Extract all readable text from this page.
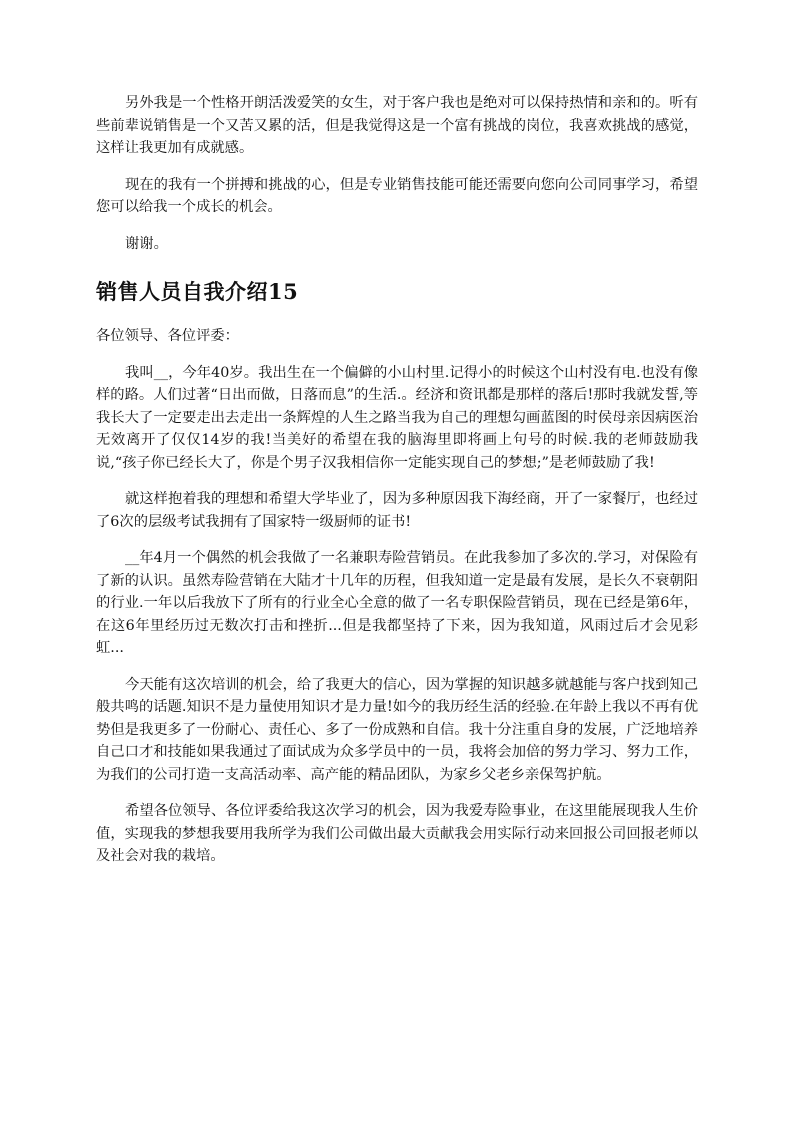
另外我是一个性格开朗活泼爱笑的女生，对于客户我也是绝对可以保持热情和亲和的。听有些前辈说销售是一个又苦又累的活，但是我觉得这是一个富有挑战的岗位，我喜欢挑战的感觉，这样让我更加有成就感。

现在的我有一个拼搏和挑战的心，但是专业销售技能可能还需要向您向公司同事学习，希望您可以给我一个成长的机会。

谢谢。

销售人员自我介绍15

各位领导、各位评委：

我叫__，今年40岁。我出生在一个偏僻的小山村里.记得小的时候这个山村没有电.也没有像样的路。人们过著“日出而做，日落而息”的生活.。经济和资讯都是那样的落后!那时我就发誓,等我长大了一定要走出去走出一条辉煌的人生之路当我为自己的理想勾画蓝图的时侯母亲因病医治无效离开了仅仅14岁的我!当美好的希望在我的脑海里即将画上句号的时候.我的老师鼓励我说,“孩子你已经长大了，你是个男子汉我相信你一定能实现自己的梦想;”是老师鼓励了我!

就这样抱着我的理想和希望大学毕业了，因为多种原因我下海经商，开了一家餐厅，也经过了6次的层级考试我拥有了国家特一级厨师的证书!

__年4月一个偶然的机会我做了一名兼职寿险营销员。在此我参加了多次的.学习，对保险有了新的认识。虽然寿险营销在大陆才十几年的历程，但我知道一定是最有发展，是长久不衰朝阳的行业.一年以后我放下了所有的行业全心全意的做了一名专职保险营销员，现在已经是第6年，在这6年里经历过无数次打击和挫折...但是我都坚持了下来，因为我知道，风雨过后才会见彩虹...

今天能有这次培训的机会，给了我更大的信心，因为掌握的知识越多就越能与客户找到知己般共鸣的话题.知识不是力量使用知识才是力量!如今的我历经生活的经验.在年龄上我以不再有优势但是我更多了一份耐心、责任心、多了一份成熟和自信。我十分注重自身的发展，广泛地培养自己口才和技能如果我通过了面试成为众多学员中的一员，我将会加倍的努力学习、努力工作，为我们的公司打造一支高活动率、高产能的精品团队，为家乡父老乡亲保驾护航。

希望各位领导、各位评委给我这次学习的机会，因为我爱寿险事业，在这里能展现我人生价值，实现我的梦想我要用我所学为我们公司做出最大贡献我会用实际行动来回报公司回报老师以及社会对我的栽培。
